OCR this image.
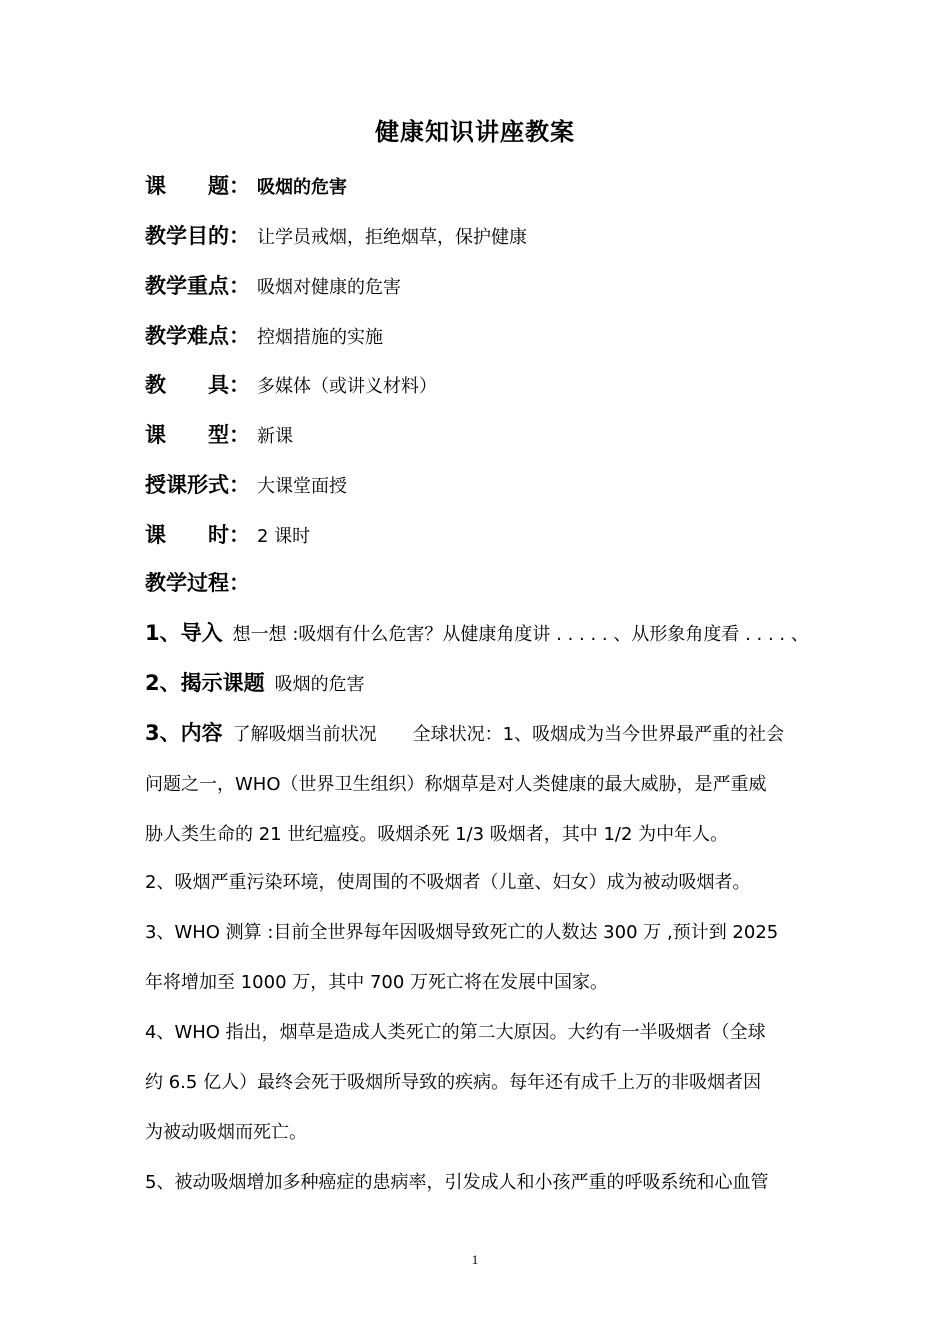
健康知识讲座教案
课　　题： 吸烟的危害
教学目的： 让学员戒烟，拒绝烟草，保护健康
教学重点： 吸烟对健康的危害
教学难点： 控烟措施的实施
教　　具： 多媒体（或讲义材料）
课　　型： 新课
授课形式： 大课堂面授
课　　时： 2 课时
教学过程：
1、导入 想一想 :吸烟有什么危害？从健康角度讲 . . . . . 、从形象角度看 . . . . 、
2、揭示课题 吸烟的危害
3、内容 了解吸烟当前状况　　全球状况：1、吸烟成为当今世界最严重的社会
问题之一，WHO（世界卫生组织）称烟草是对人类健康的最大威胁，是严重威
胁人类生命的 21 世纪瘟疫。吸烟杀死 1/3 吸烟者，其中 1/2 为中年人。
2、吸烟严重污染环境，使周围的不吸烟者（儿童、妇女）成为被动吸烟者。
3、WHO 测算 :目前全世界每年因吸烟导致死亡的人数达 300 万 ,预计到 2025
年将增加至 1000 万，其中 700 万死亡将在发展中国家。
4、WHO 指出，烟草是造成人类死亡的第二大原因。大约有一半吸烟者（全球
约 6.5 亿人）最终会死于吸烟所导致的疾病。每年还有成千上万的非吸烟者因
为被动吸烟而死亡。
5、被动吸烟增加多种癌症的患病率，引发成人和小孩严重的呼吸系统和心血管
1
